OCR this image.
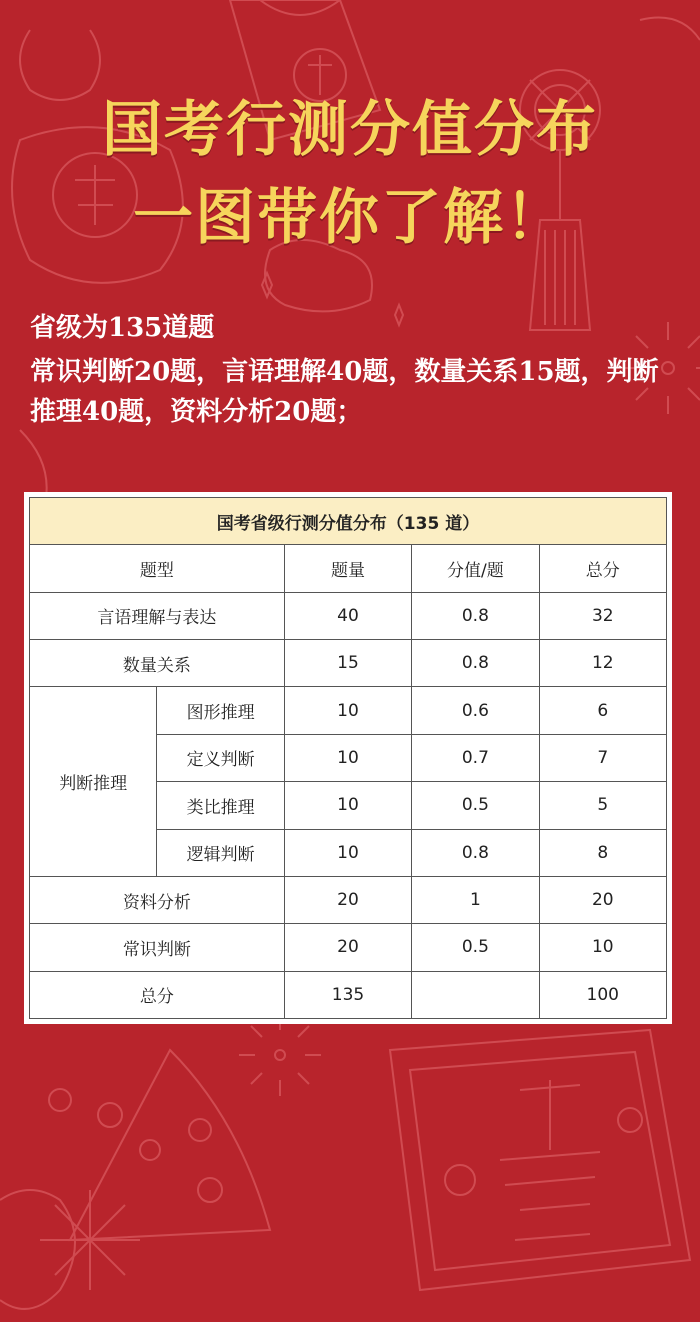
国考行测分值分布
一图带你了解！
省级为135道题
常识判断20题，言语理解40题，数量关系15题，判断推理40题，资料分析20题；
国考省级行测分值分布（135 道）				
题型		题量	分值/题	总分
言语理解与表达		40	0.8	32
数量关系		15	0.8	12
判断推理	图形推理	10	0.6	6
	定义判断	10	0.7	7
	类比推理	10	0.5	5
	逻辑判断	10	0.8	8
资料分析		20	1	20
常识判断		20	0.5	10
总分		135		100
